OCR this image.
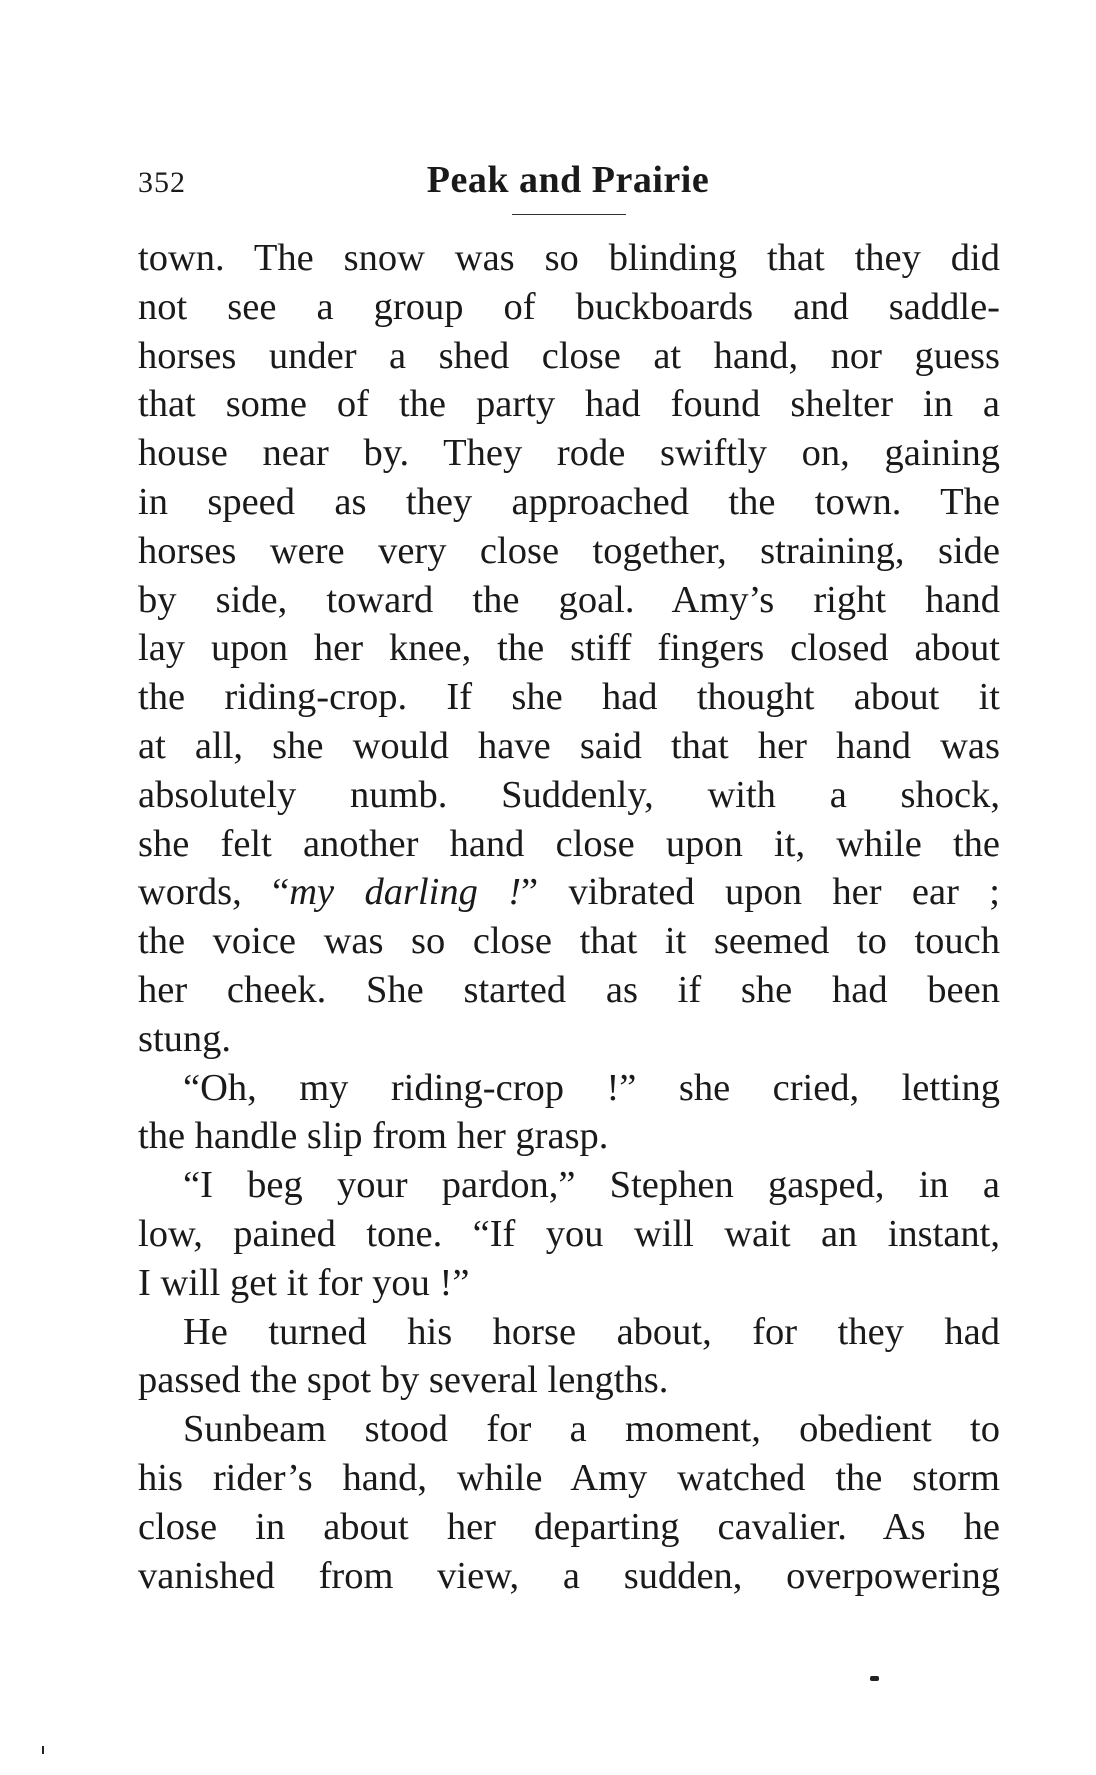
352	Peak and Prairie
town. The snow was so blinding that they did
not see a group of buckboards and saddle-
horses under a shed close at hand, nor guess
that some of the party had found shelter in a
house near by. They rode swiftly on, gaining
in speed as they approached the town. The
horses were very close together, straining, side
by side, toward the goal. Amy’s right hand
lay upon her knee, the stiff fingers closed about
the riding-crop. If she had thought about it
at all, she would have said that her hand was
absolutely numb. Suddenly, with a shock,
she felt another hand close upon it, while the
words, “my darling !” vibrated upon her ear ;
the voice was so close that it seemed to touch
her cheek. She started as if she had been
stung.
“Oh, my riding-crop !” she cried, letting
the handle slip from her grasp.
“I beg your pardon,” Stephen gasped, in a
low, pained tone. “If you will wait an instant,
I will get it for you !”
He turned his horse about, for they had
passed the spot by several lengths.
Sunbeam stood for a moment, obedient to
his rider’s hand, while Amy watched the storm
close in about her departing cavalier. As he
vanished from view, a sudden, overpowering
